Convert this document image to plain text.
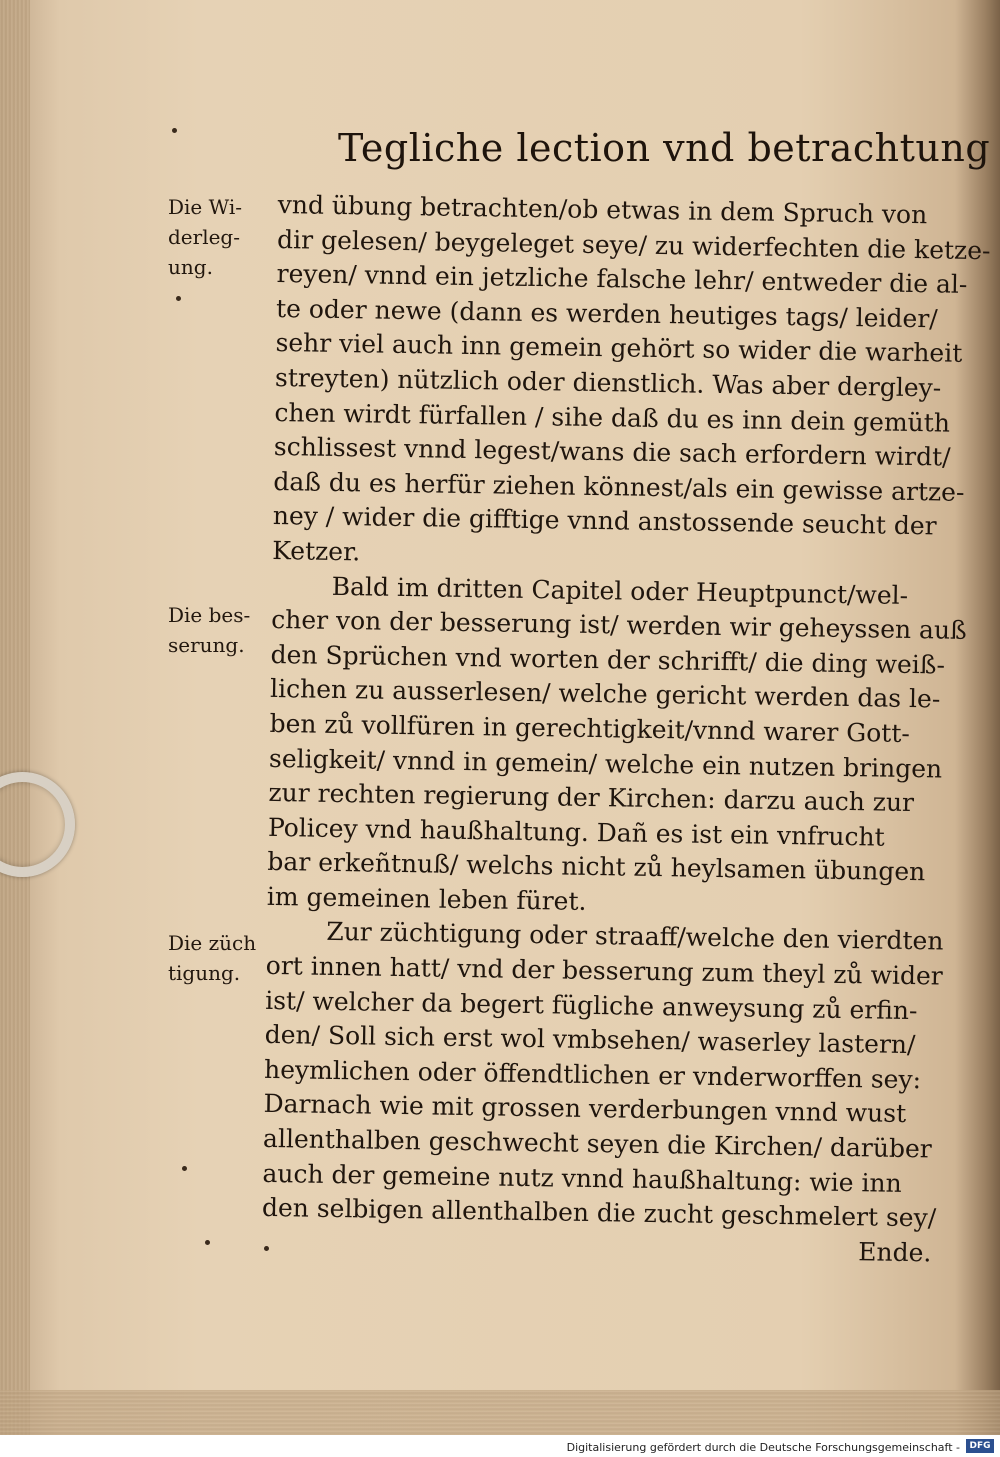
Tegliche lection vnd betrachtung
Die Wi-
derleg-
ung.
Die bes-
serung.
Die züch
tigung.
vnd übung betrachten/ob etwas in dem Spruch von
dir gelesen/ beygeleget seye/ zu widerfechten die ketze-
reyen/ vnnd ein jetzliche falsche lehr/ entweder die al-
te oder newe (dann es werden heutiges tags/ leider/
sehr viel auch inn gemein gehört so wider die warheit
streyten) nützlich oder dienstlich. Was aber dergley-
chen wirdt fürfallen / sihe daß du es inn dein gemüth
schlissest vnnd legest/wans die sach erfordern wirdt/
daß du es herfür ziehen könnest/als ein gewisse artze-
ney / wider die gifftige vnnd anstossende seucht der
Ketzer.
Bald im dritten Capitel oder Heuptpunct/wel-
cher von der besserung ist/ werden wir geheyssen auß
den Sprüchen vnd worten der schrifft/ die ding weiß-
lichen zu ausserlesen/ welche gericht werden das le-
ben zů vollfüren in gerechtigkeit/vnnd warer Gott-
seligkeit/ vnnd in gemein/ welche ein nutzen bringen
zur rechten regierung der Kirchen: darzu auch zur
Policey vnd haußhaltung. Dañ es ist ein vnfrucht
bar erkeñtnuß/ welchs nicht zů heylsamen übungen
im gemeinen leben füret.
Zur züchtigung oder straaff/welche den vierdten
ort innen hatt/ vnd der besserung zum theyl zů wider
ist/ welcher da begert fügliche anweysung zů erfin-
den/ Soll sich erst wol vmbsehen/ waserley lastern/
heymlichen oder öffendtlichen er vnderworffen sey:
Darnach wie mit grossen verderbungen vnnd wust
allenthalben geschwecht seyen die Kirchen/ darüber
auch der gemeine nutz vnnd haußhaltung: wie inn
den selbigen allenthalben die zucht geschmelert sey/
Ende.
Digitalisierung gefördert durch die Deutsche Forschungsgemeinschaft -	DFG
